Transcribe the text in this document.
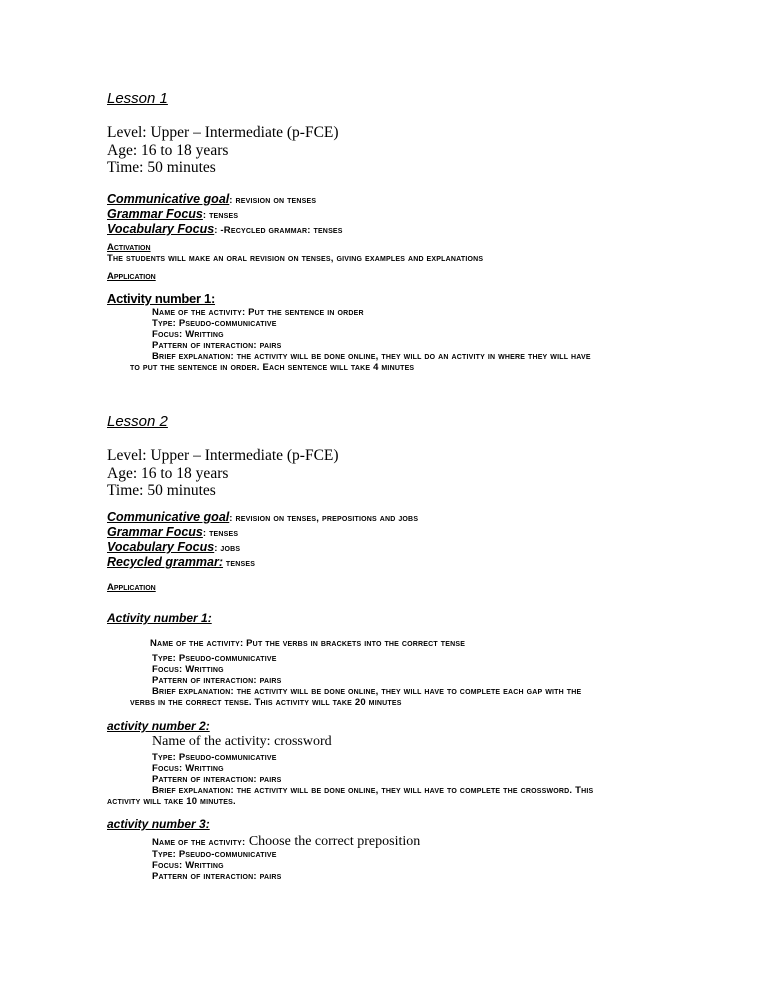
Lesson 1
Level: Upper – Intermediate (p-FCE)
Age: 16 to 18 years
Time: 50 minutes
Communicative goal: revision on tenses
Grammar Focus: tenses
Vocabulary Focus: -Recycled grammar: tenses
Activation
The students will make an oral revision on tenses, giving examples and explanations
Application
Activity number 1:
Name of the activity: Put the sentence in order
Type: Pseudo-communicative
Focus: Writting
Pattern of interaction: pairs
Brief explanation: the activity will be done online, they will do an activity in where they will have
to put the sentence in order. Each sentence will take 4 minutes
Lesson 2
Level: Upper – Intermediate (p-FCE)
Age: 16 to 18 years
Time: 50 minutes
Communicative goal: revision on tenses, prepositions and jobs
Grammar Focus: tenses
Vocabulary Focus: jobs
Recycled grammar: tenses
Application
Activity number 1:
Name of the activity: Put the verbs in brackets into the correct tense
Type: Pseudo-communicative
Focus: Writting
Pattern of interaction: pairs
Brief explanation: the activity will be done online, they will have to complete each gap with the
verbs in the correct tense. This activity will take 20 minutes
activity number 2:
Name of the activity: crossword
Type: Pseudo-communicative
Focus: Writting
Pattern of interaction: pairs
Brief explanation: the activity will be done online, they will have to complete the crossword. This
activity will take 10 minutes.
activity number 3:
Name of the activity: Choose the correct preposition
Type: Pseudo-communicative
Focus: Writting
Pattern of interaction: pairs
